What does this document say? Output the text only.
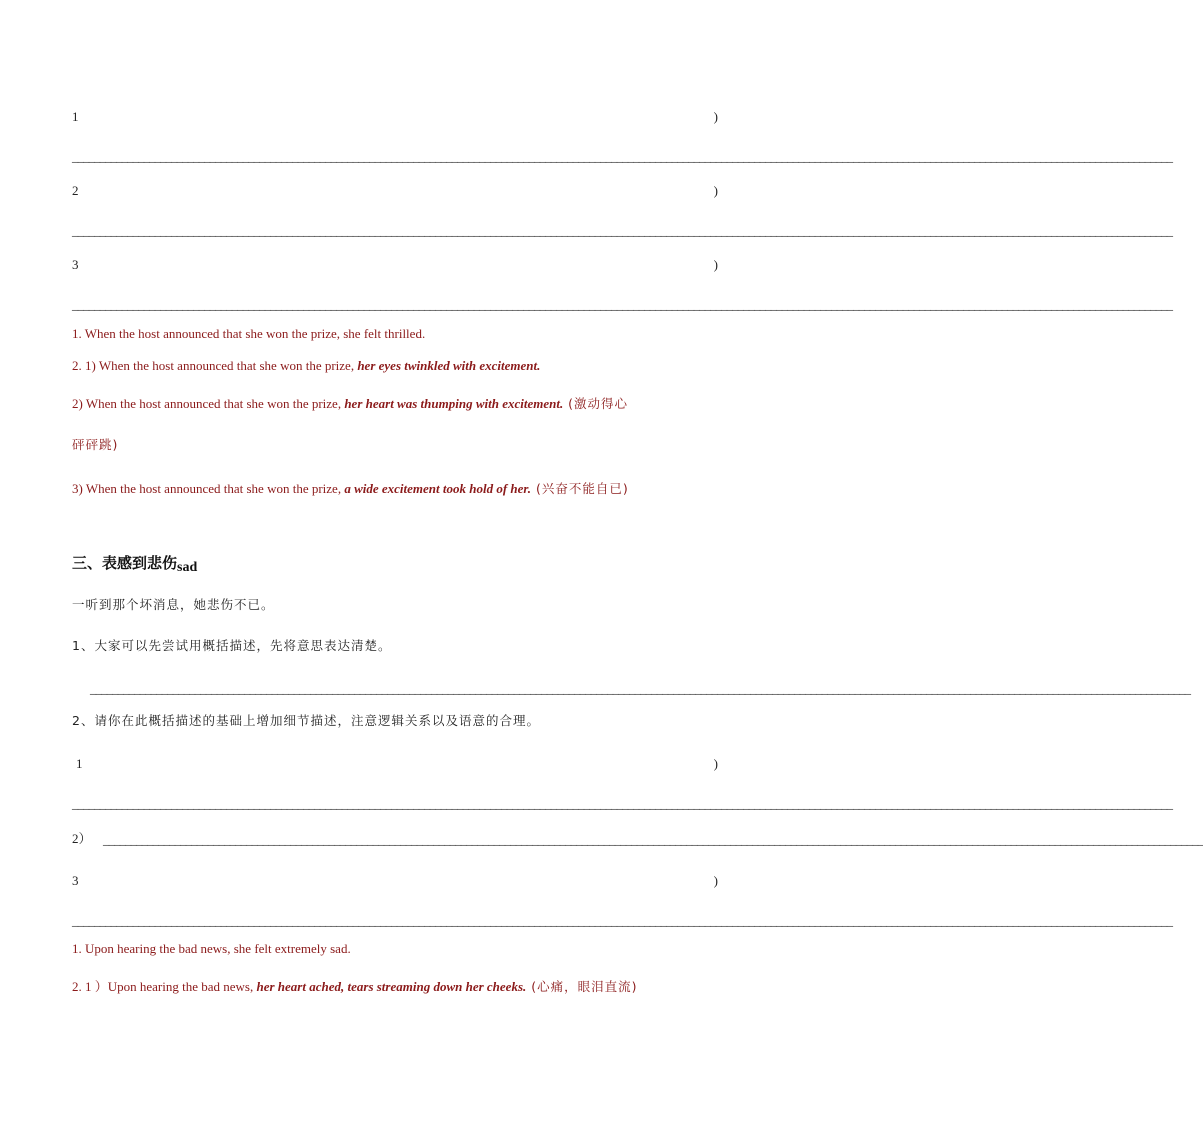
1	)
________________________________________________________________________________________________________________________________________________________________________________________________________
2	)
________________________________________________________________________________________________________________________________________________________________________________________________________
3	)
________________________________________________________________________________________________________________________________________________________________________________________________________
1. When the host announced that she won the prize, she felt thrilled.
2. 1) When the host announced that she won the prize, her eyes twinkled with excitement.
2) When the host announced that she won the prize, her heart was thumping with excitement. (激动得心
砰砰跳)
3) When the host announced that she won the prize, a wide excitement took hold of her. (兴奋不能自已)
三、表感到悲伤sad
一听到那个坏消息，她悲伤不已。
1、大家可以先尝试用概括描述，先将意思表达清楚。
________________________________________________________________________________________________________________________________________________________________________________________________________
2、请你在此概括描述的基础上增加细节描述，注意逻辑关系以及语意的合理。
1	)
________________________________________________________________________________________________________________________________________________________________________________________________________
2） ________________________________________________________________________________________________________________________________________________________________________________________________________
3	)
________________________________________________________________________________________________________________________________________________________________________________________________________
1. Upon hearing the bad news, she felt extremely sad.
2. 1 ）Upon hearing the bad news, her heart ached, tears streaming down her cheeks. (心痛，眼泪直流)
